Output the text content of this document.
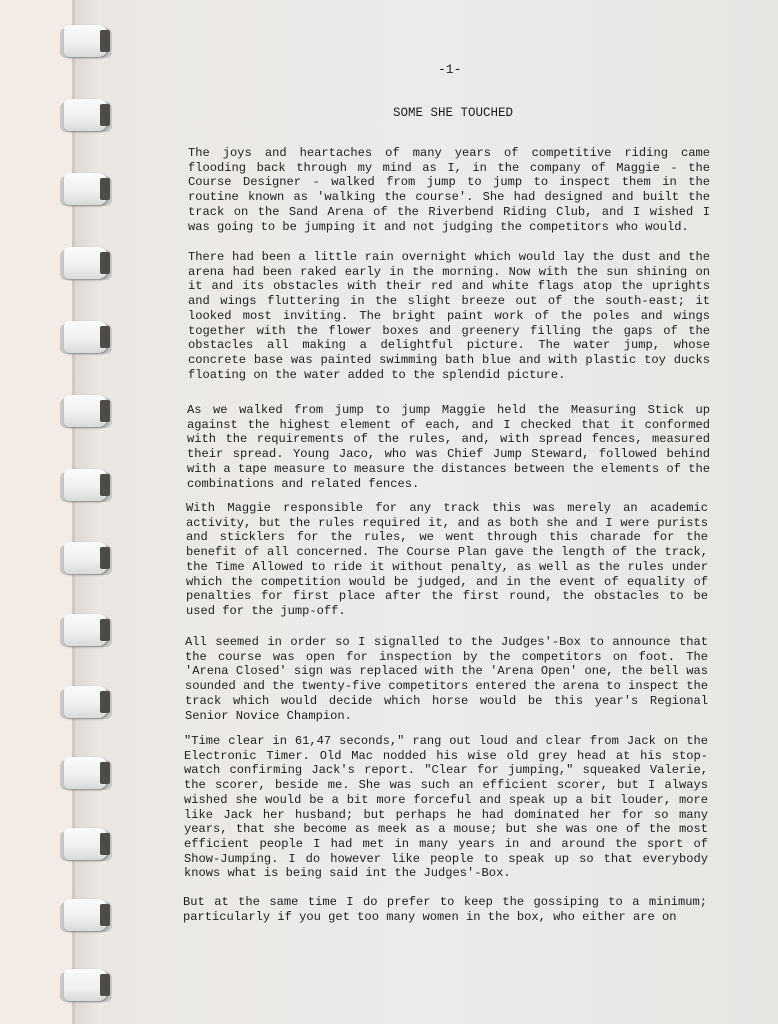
-1-
SOME SHE TOUCHED

The joys and heartaches of many years of competitive riding came flooding back through my mind as I, in the company of Maggie - the Course Designer - walked from jump to jump to inspect them in the routine known as 'walking the course'. She had designed and built the track on the Sand Arena of the Riverbend Riding Club, and I wished I was going to be jumping it and not judging the competitors who would.

There had been a little rain overnight which would lay the dust and the arena had been raked early in the morning. Now with the sun shining on it and its obstacles with their red and white flags atop the uprights and wings fluttering in the slight breeze out of the south-east; it looked most inviting. The bright paint work of the poles and wings together with the flower boxes and greenery filling the gaps of the obstacles all making a delightful picture. The water jump, whose concrete base was painted swimming bath blue and with plastic toy ducks floating on the water added to the splendid picture.

As we walked from jump to jump Maggie held the Measuring Stick up against the highest element of each, and I checked that it conformed with the requirements of the rules, and, with spread fences, measured their spread. Young Jaco, who was Chief Jump Steward, followed behind with a tape measure to measure the distances between the elements of the combinations and related fences.

With Maggie responsible for any track this was merely an academic activity, but the rules required it, and as both she and I were purists and sticklers for the rules, we went through this charade for the benefit of all concerned. The Course Plan gave the length of the track, the Time Allowed to ride it without penalty, as well as the rules under which the competition would be judged, and in the event of equality of penalties for first place after the first round, the obstacles to be used for the jump-off.

All seemed in order so I signalled to the Judges'-Box to announce that the course was open for inspection by the competitors on foot. The 'Arena Closed' sign was replaced with the 'Arena Open' one, the bell was sounded and the twenty-five competitors entered the arena to inspect the track which would decide which horse would be this year's Regional Senior Novice Champion.

"Time clear in 61,47 seconds," rang out loud and clear from Jack on the Electronic Timer. Old Mac nodded his wise old grey head at his stop-watch confirming Jack's report. "Clear for jumping," squeaked Valerie, the scorer, beside me. She was such an efficient scorer, but I always wished she would be a bit more forceful and speak up a bit louder, more like Jack her husband; but perhaps he had dominated her for so many years, that she become as meek as a mouse; but she was one of the most efficient people I had met in many years in and around the sport of Show-Jumping. I do however like people to speak up so that everybody knows what is being said int the Judges'-Box.

But at the same time I do prefer to keep the gossiping to a minimum; particularly if you get too many women in the box, who either are on
